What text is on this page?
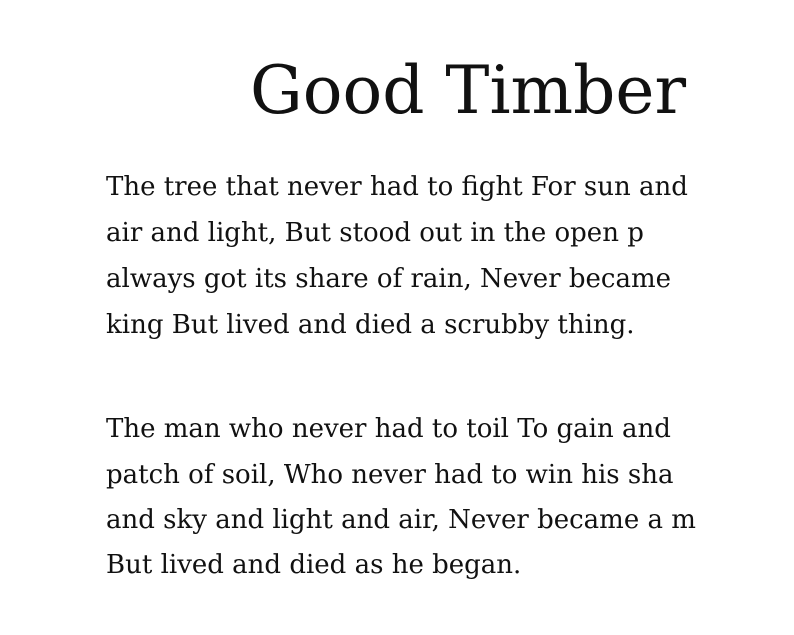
Good Timber

The tree that never had to fight For sun and

air and light, But stood out in the open p

always got its share of rain, Never became

king But lived and died a scrubby thing.

The man who never had to toil To gain and

patch of soil, Who never had to win his sha

and sky and light and air, Never became a m

But lived and died as he began.
